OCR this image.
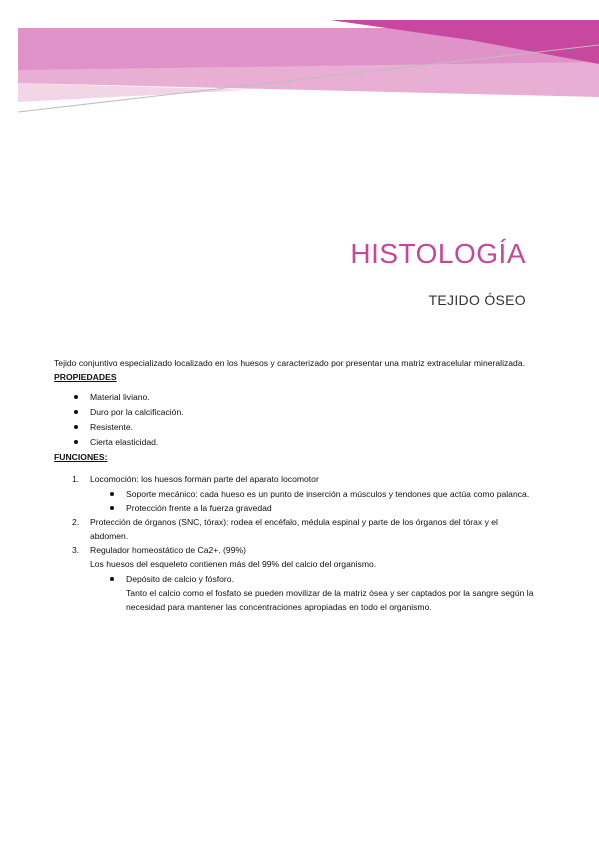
HISTOLOGÍA
TEJIDO ÓSEO

Tejido conjuntivo especializado localizado en los huesos y caracterizado por presentar una matriz extracelular mineralizada.

PROPIEDADES

Material liviano.
Duro por la calcificación.
Resistente.
Cierta elasticidad.

FUNCIONES:

1. Locomoción: los huesos forman parte del aparato locomotor
Soporte mecánico: cada hueso es un punto de inserción a músculos y tendones que actúa como palanca.
Protección frente a la fuerza gravedad
2. Protección de órganos (SNC, tórax): rodea el encéfalo, médula espinal y parte de los órganos del tórax y el abdomen.
3. Regulador homeostático de Ca2+. (99%)

Los huesos del esqueleto contienen más del 99% del calcio del organismo.

Depósito de calcio y fósforo.

Tanto el calcio como el fosfato se pueden movilizar de la matriz ósea y ser captados por la sangre según la necesidad para mantener las concentraciones apropiadas en todo el organismo.
